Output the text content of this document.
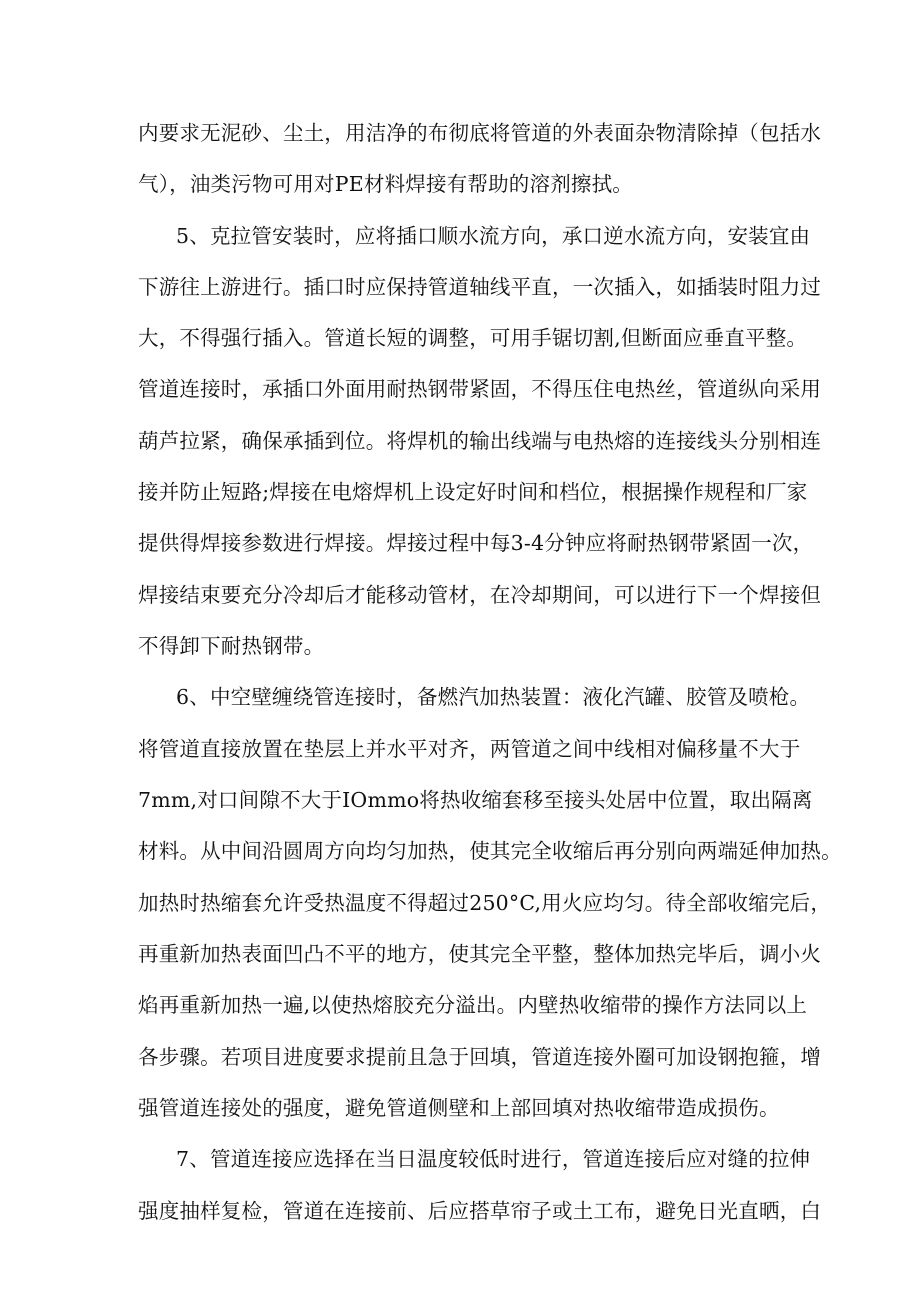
内要求无泥砂、尘土，用洁净的布彻底将管道的外表面杂物清除掉（包括水
气），油类污物可用对PE材料焊接有帮助的溶剂擦拭。
5、克拉管安装时，应将插口顺水流方向，承口逆水流方向，安装宜由
下游往上游进行。插口时应保持管道轴线平直，一次插入，如插装时阻力过
大，不得强行插入。管道长短的调整，可用手锯切割,但断面应垂直平整。
管道连接时，承插口外面用耐热钢带紧固，不得压住电热丝，管道纵向采用
葫芦拉紧，确保承插到位。将焊机的输出线端与电热熔的连接线头分别相连
接并防止短路;焊接在电熔焊机上设定好时间和档位，根据操作规程和厂家
提供得焊接参数进行焊接。焊接过程中每3-4分钟应将耐热钢带紧固一次，
焊接结束要充分冷却后才能移动管材，在冷却期间，可以进行下一个焊接但
不得卸下耐热钢带。
6、中空壁缠绕管连接时，备燃汽加热装置：液化汽罐、胶管及喷枪。
将管道直接放置在垫层上并水平对齐，两管道之间中线相对偏移量不大于
7mm,对口间隙不大于IOmmo将热收缩套移至接头处居中位置，取出隔离
材料。从中间沿圆周方向均匀加热，使其完全收缩后再分别向两端延伸加热。
加热时热缩套允许受热温度不得超过250°C,用火应均匀。待全部收缩完后，
再重新加热表面凹凸不平的地方，使其完全平整，整体加热完毕后，调小火
焰再重新加热一遍,以使热熔胶充分溢出。内壁热收缩带的操作方法同以上
各步骤。若项目进度要求提前且急于回填，管道连接外圈可加设钢抱箍，增
强管道连接处的强度，避免管道侧壁和上部回填对热收缩带造成损伤。
7、管道连接应选择在当日温度较低时进行，管道连接后应对缝的拉伸
强度抽样复检，管道在连接前、后应搭草帘子或土工布，避免日光直晒，白
